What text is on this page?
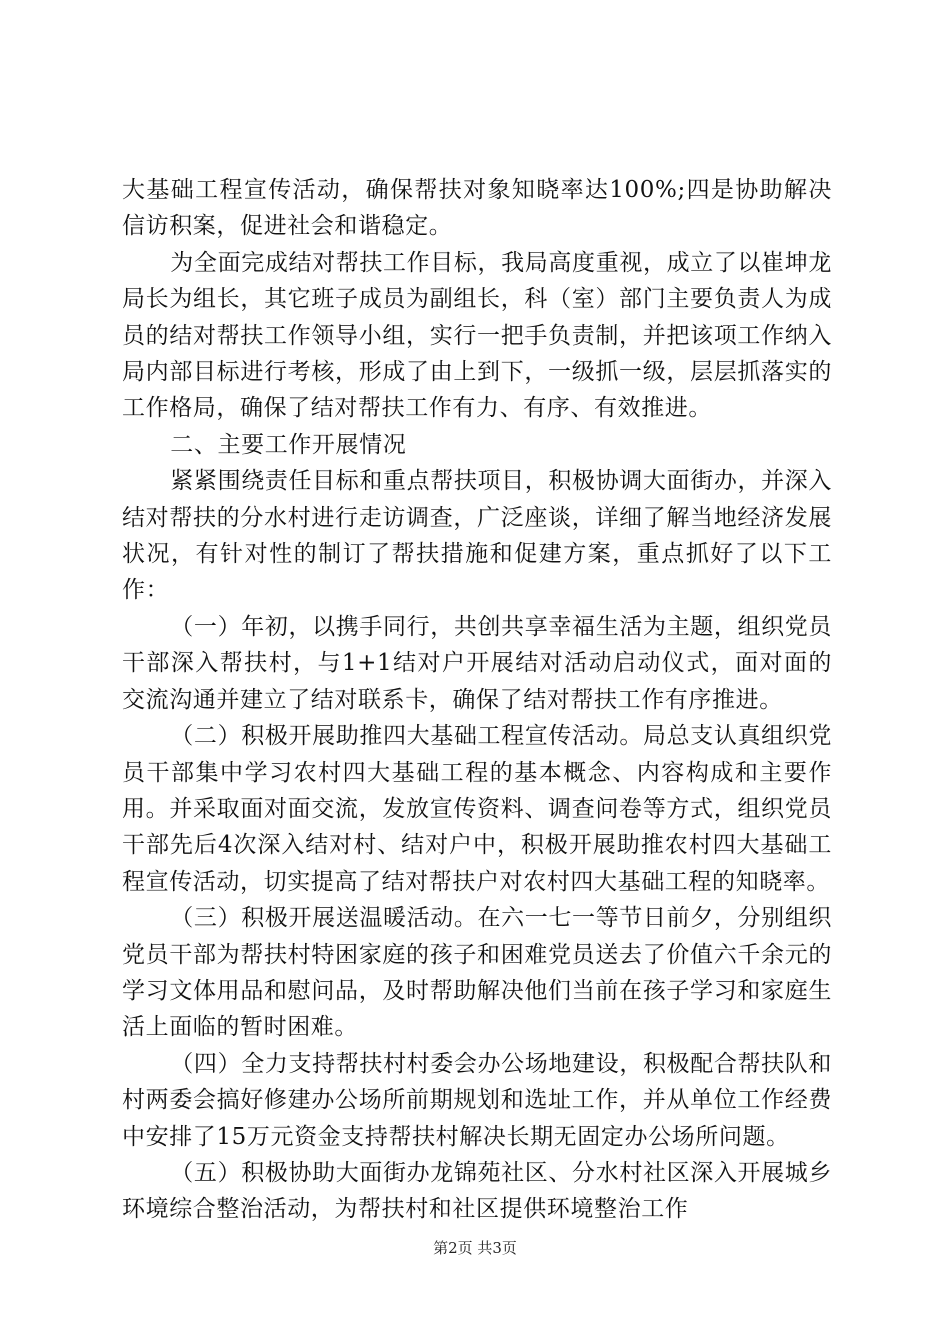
大基础工程宣传活动，确保帮扶对象知晓率达100%;四是协助解决信访积案，促进社会和谐稳定。

为全面完成结对帮扶工作目标，我局高度重视，成立了以崔坤龙局长为组长，其它班子成员为副组长，科（室）部门主要负责人为成员的结对帮扶工作领导小组，实行一把手负责制，并把该项工作纳入局内部目标进行考核，形成了由上到下，一级抓一级，层层抓落实的工作格局，确保了结对帮扶工作有力、有序、有效推进。

二、主要工作开展情况

紧紧围绕责任目标和重点帮扶项目，积极协调大面街办，并深入结对帮扶的分水村进行走访调查，广泛座谈，详细了解当地经济发展状况，有针对性的制订了帮扶措施和促建方案，重点抓好了以下工作：

（一）年初，以携手同行，共创共享幸福生活为主题，组织党员干部深入帮扶村，与1+1结对户开展结对活动启动仪式，面对面的交流沟通并建立了结对联系卡，确保了结对帮扶工作有序推进。

（二）积极开展助推四大基础工程宣传活动。局总支认真组织党员干部集中学习农村四大基础工程的基本概念、内容构成和主要作用。并采取面对面交流，发放宣传资料、调查问卷等方式，组织党员干部先后4次深入结对村、结对户中，积极开展助推农村四大基础工程宣传活动，切实提高了结对帮扶户对农村四大基础工程的知晓率。

（三）积极开展送温暖活动。在六一七一等节日前夕，分别组织党员干部为帮扶村特困家庭的孩子和困难党员送去了价值六千余元的学习文体用品和慰问品，及时帮助解决他们当前在孩子学习和家庭生活上面临的暂时困难。

（四）全力支持帮扶村村委会办公场地建设，积极配合帮扶队和村两委会搞好修建办公场所前期规划和选址工作，并从单位工作经费中安排了15万元资金支持帮扶村解决长期无固定办公场所问题。

（五）积极协助大面街办龙锦苑社区、分水村社区深入开展城乡环境综合整治活动，为帮扶村和社区提供环境整治工作

第2页 共3页
